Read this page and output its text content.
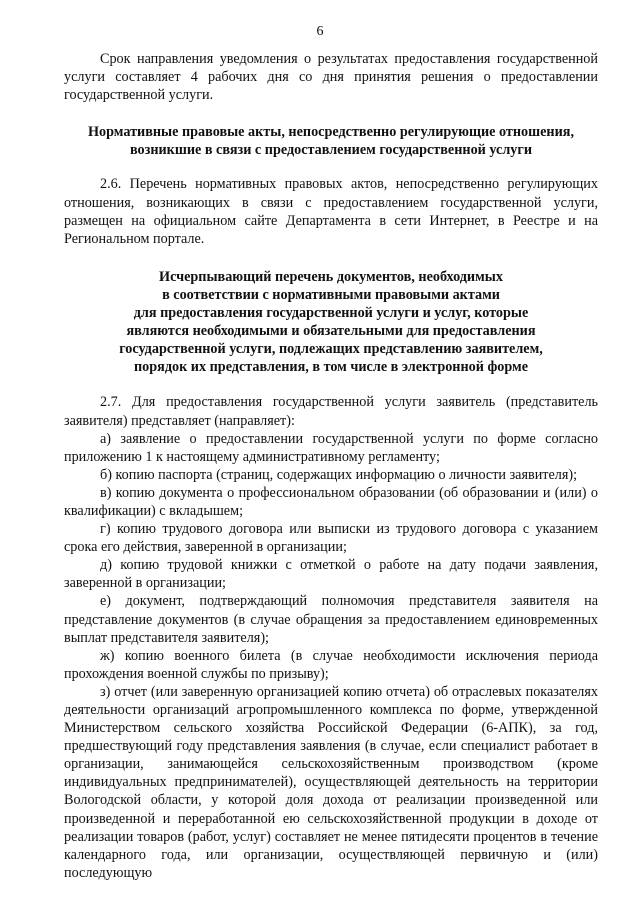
6

Срок направления уведомления о результатах предоставления государственной услуги составляет 4 рабочих дня со дня принятия решения о предоставлении государственной услуги.

Нормативные правовые акты, непосредственно регулирующие отношения,
возникшие в связи с предоставлением государственной услуги

2.6. Перечень нормативных правовых актов, непосредственно регулирующих отношения, возникающих в связи с предоставлением государственной услуги, размещен на официальном сайте Департамента в сети Интернет, в Реестре и на Региональном портале.

Исчерпывающий перечень документов, необходимых
в соответствии с нормативными правовыми актами
для предоставления государственной услуги и услуг, которые
являются необходимыми и обязательными для предоставления
государственной услуги, подлежащих представлению заявителем,
порядок их представления, в том числе в электронной форме

2.7. Для предоставления государственной услуги заявитель (представитель заявителя) представляет (направляет):

а) заявление о предоставлении государственной услуги по форме согласно приложению 1 к настоящему административному регламенту;

б) копию паспорта (страниц, содержащих информацию о личности заявителя);

в) копию документа о профессиональном образовании (об образовании и (или) о квалификации) с вкладышем;

г) копию трудового договора или выписки из трудового договора с указанием срока его действия, заверенной в организации;

д) копию трудовой книжки с отметкой о работе на дату подачи заявления, заверенной в организации;

е) документ, подтверждающий полномочия представителя заявителя на представление документов (в случае обращения за предоставлением единовременных выплат представителя заявителя);

ж) копию военного билета (в случае необходимости исключения периода прохождения военной службы по призыву);

з) отчет (или заверенную организацией копию отчета) об отраслевых показателях деятельности организаций агропромышленного комплекса по форме, утвержденной Министерством сельского хозяйства Российской Федерации (6-АПК), за год, предшествующий году представления заявления (в случае, если специалист работает в организации, занимающейся сельскохозяйственным производством (кроме индивидуальных предпринимателей), осуществляющей деятельность на территории Вологодской области, у которой доля дохода от реализации произведенной или произведенной и переработанной ею сельскохозяйственной продукции в доходе от реализации товаров (работ, услуг) составляет не менее пятидесяти процентов в течение календарного года, или организации, осуществляющей первичную и (или) последующую
